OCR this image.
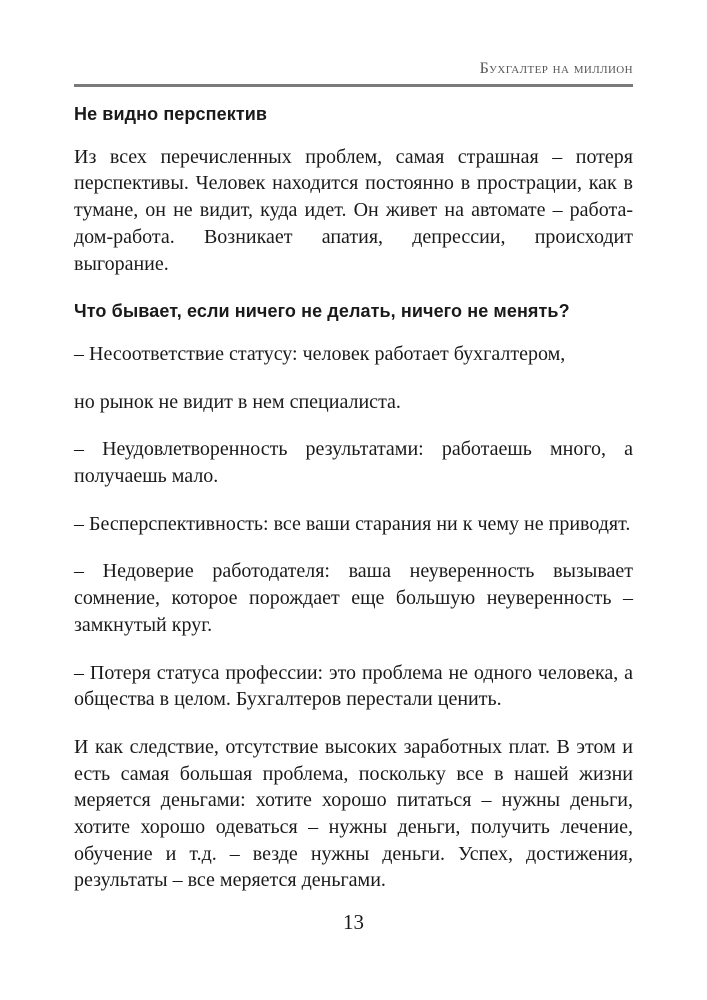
Бухгалтер на миллион
Не видно перспектив

Из всех перечисленных проблем, самая страшная – потеря перспективы. Человек находится постоянно в прострации, как в тумане, он не видит, куда идет. Он живет на автомате – работа-дом-работа. Возникает апатия, депрессии, происходит выгорание.

Что бывает, если ничего не делать, ничего не менять?

– Несоответствие статусу: человек работает бухгалтером,

но рынок не видит в нем специалиста.

– Неудовлетворенность результатами: работаешь много, а получаешь мало.

– Бесперспективность: все ваши старания ни к чему не приводят.

– Недоверие работодателя: ваша неуверенность вызывает сомнение, которое порождает еще большую неуверенность – замкнутый круг.

– Потеря статуса профессии: это проблема не одного человека, а общества в целом. Бухгалтеров перестали ценить.

И как следствие, отсутствие высоких заработных плат. В этом и есть самая большая проблема, поскольку все в нашей жизни меряется деньгами: хотите хорошо питаться – нужны деньги, хотите хорошо одеваться – нужны деньги, получить лечение, обучение и т.д. – везде нужны деньги. Успех, достижения, результаты – все меряется деньгами.

13
